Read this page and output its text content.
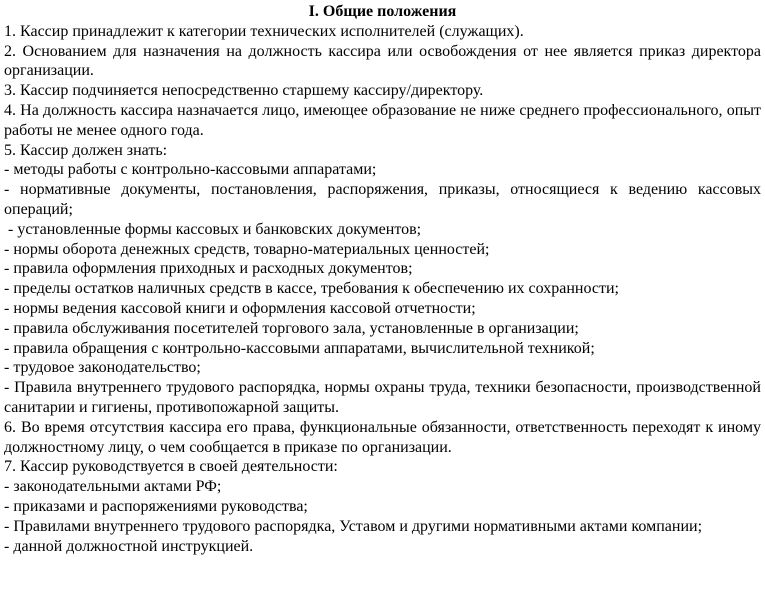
I. Общие положения

1. Кассир принадлежит к категории технических исполнителей (служащих).

2. Основанием для назначения на должность кассира или освобождения от нее является приказ директора организации.

3. Кассир подчиняется непосредственно старшему кассиру/директору.

4. На должность кассира назначается лицо, имеющее образование не ниже среднего профессионального, опыт работы не менее одного года.

5. Кассир должен знать:

- методы работы с контрольно-кассовыми аппаратами;

- нормативные документы, постановления, распоряжения, приказы, относящиеся к ведению кассовых операций;

- установленные формы кассовых и банковских документов;

- нормы оборота денежных средств, товарно-материальных ценностей;

- правила оформления приходных и расходных документов;

- пределы остатков наличных средств в кассе, требования к обеспечению их сохранности;

- нормы ведения кассовой книги и оформления кассовой отчетности;

- правила обслуживания посетителей торгового зала, установленные в организации;

- правила обращения с контрольно-кассовыми аппаратами, вычислительной техникой;

- трудовое законодательство;

- Правила внутреннего трудового распорядка, нормы охраны труда, техники безопасности, производственной санитарии и гигиены, противопожарной защиты.

6. Во время отсутствия кассира его права, функциональные обязанности, ответственность переходят к иному должностному лицу, о чем сообщается в приказе по организации.

7. Кассир руководствуется в своей деятельности:

- законодательными актами РФ;

- приказами и распоряжениями руководства;

- Правилами внутреннего трудового распорядка, Уставом и другими нормативными актами компании;

- данной должностной инструкцией.
